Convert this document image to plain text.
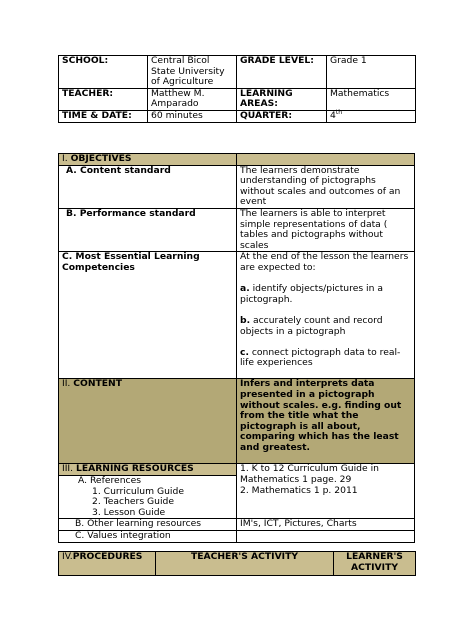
SCHOOL:	Central Bicol State University of Agriculture	GRADE LEVEL:	Grade 1
TEACHER:	Matthew M. Amparado	LEARNING AREAS:	Mathematics
TIME & DATE:	60 minutes	QUARTER:	4th
I. OBJECTIVES	
A. Content standard	The learners demonstrate understanding of pictographs without scales and outcomes of an event
B. Performance standard	The learners is able to interpret simple representations of data ( tables and pictographs without scales
C. Most Essential Learning Competencies	At the end of the lesson the learners are expected to:
a. identify objects/pictures in a pictograph.
b. accurately count and record objects in a pictograph
c. connect pictograph data to real-life experiences
II. CONTENT	Infers and interprets data presented in a pictograph without scales. e.g. finding out from the title what the pictograph is all about, comparing which has the least and greatest.
III. LEARNING RESOURCES	1. K to 12 Curriculum Guide in Mathematics 1 page. 29
2. Mathematics 1 p. 2011

A. References
1. Curriculum Guide
2. Teachers Guide
3. Lesson Guide	

B. Other learning resources	IM's, ICT, Pictures, Charts
C. Values integration	
IV.PROCEDURES	TEACHER'S ACTIVITY	LEARNER'S ACTIVITY
